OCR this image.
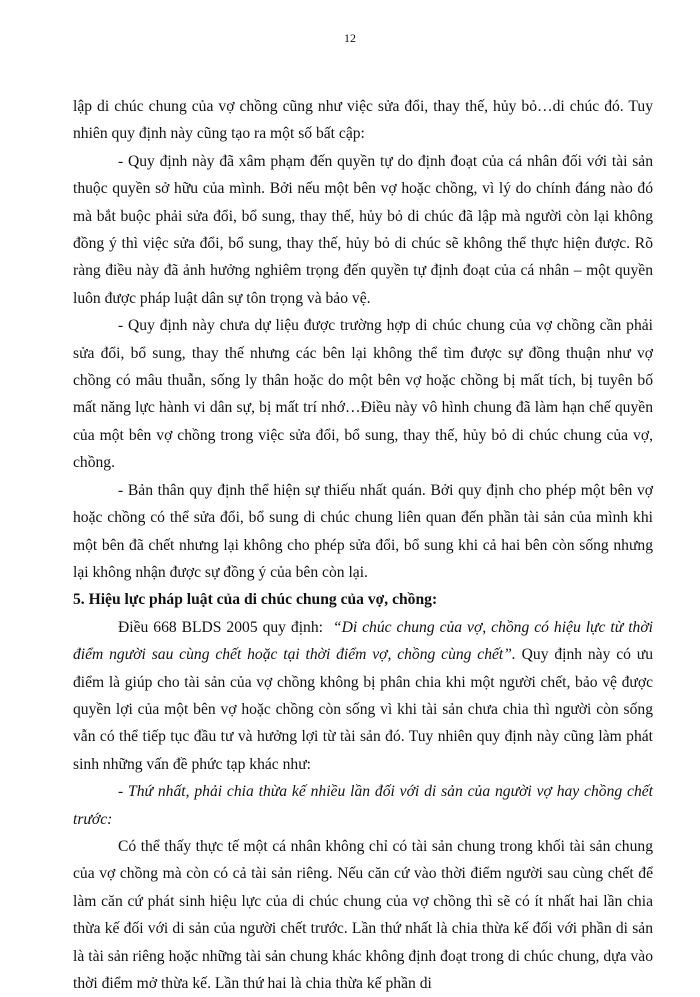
12

lập di chúc chung của vợ chồng cũng như việc sửa đổi, thay thế, hủy bỏ…di chúc đó. Tuy nhiên quy định này cũng tạo ra một số bất cập:

- Quy định này đã xâm phạm đến quyền tự do định đoạt của cá nhân đối với tài sản thuộc quyền sở hữu của mình. Bởi nếu một bên vợ hoặc chồng, vì lý do chính đáng nào đó mà bắt buộc phải sửa đổi, bổ sung, thay thế, hủy bỏ di chúc đã lập mà người còn lại không đồng ý thì việc sửa đổi, bổ sung, thay thế, hủy bỏ di chúc sẽ không thể thực hiện được. Rõ ràng điều này đã ảnh hưởng nghiêm trọng đến quyền tự định đoạt của cá nhân – một quyền luôn được pháp luật dân sự tôn trọng và bảo vệ.

- Quy định này chưa dự liệu được trường hợp di chúc chung của vợ chồng cần phải sửa đổi, bổ sung, thay thế nhưng các bên lại không thể tìm được sự đồng thuận như vợ chồng có mâu thuẫn, sống ly thân hoặc do một bên vợ hoặc chồng bị mất tích, bị tuyên bố mất năng lực hành vi dân sự, bị mất trí nhớ…Điều này vô hình chung đã làm hạn chế quyền của một bên vợ chồng trong việc sửa đổi, bổ sung, thay thế, hủy bỏ di chúc chung của vợ, chồng.

- Bản thân quy định thể hiện sự thiếu nhất quán. Bởi quy định cho phép một bên vợ hoặc chồng có thể sửa đổi, bổ sung di chúc chung liên quan đến phần tài sản của mình khi một bên đã chết nhưng lại không cho phép sửa đổi, bổ sung khi cả hai bên còn sống nhưng lại không nhận được sự đồng ý của bên còn lại.

5. Hiệu lực pháp luật của di chúc chung của vợ, chồng:

Điều 668 BLDS 2005 quy định: “Di chúc chung của vợ, chồng có hiệu lực từ thời điểm người sau cùng chết hoặc tại thời điểm vợ, chồng cùng chết”. Quy định này có ưu điểm là giúp cho tài sản của vợ chồng không bị phân chia khi một người chết, bảo vệ được quyền lợi của một bên vợ hoặc chồng còn sống vì khi tài sản chưa chia thì người còn sống vẫn có thể tiếp tục đầu tư và hưởng lợi từ tài sản đó. Tuy nhiên quy định này cũng làm phát sinh những vấn đề phức tạp khác như:

- Thứ nhất, phải chia thừa kế nhiều lần đối với di sản của người vợ hay chồng chết trước:

Có thể thấy thực tế một cá nhân không chỉ có tài sản chung trong khối tài sản chung của vợ chồng mà còn có cả tài sản riêng. Nếu căn cứ vào thời điểm người sau cùng chết để làm căn cứ phát sinh hiệu lực của di chúc chung của vợ chồng thì sẽ có ít nhất hai lần chia thừa kế đối với di sản của người chết trước. Lần thứ nhất là chia thừa kế đối với phần di sản là tài sản riêng hoặc những tài sản chung khác không định đoạt trong di chúc chung, dựa vào thời điểm mở thừa kế. Lần thứ hai là chia thừa kế phần di
